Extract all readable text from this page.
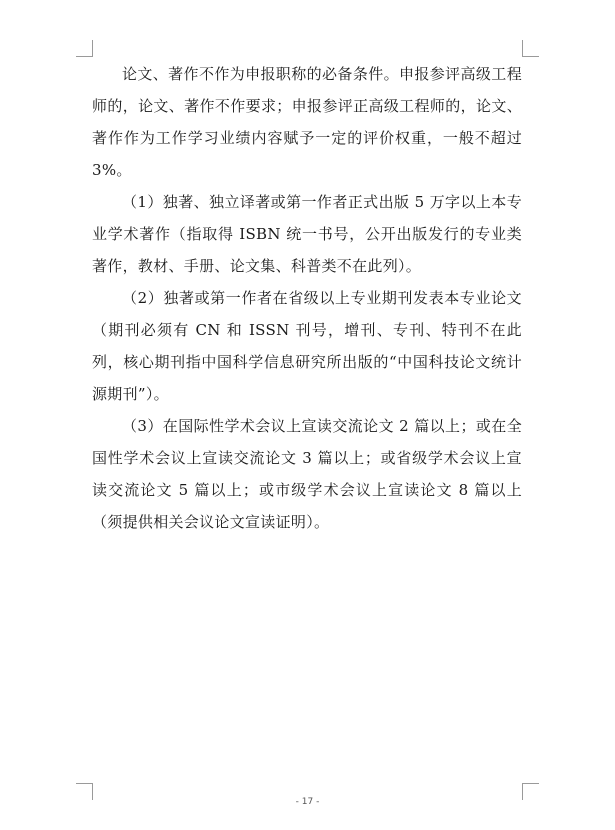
论文、著作不作为申报职称的必备条件。申报参评高级工程师的，论文、著作不作要求；申报参评正高级工程师的，论文、著作作为工作学习业绩内容赋予一定的评价权重，一般不超过3%。

（1）独著、独立译著或第一作者正式出版 5 万字以上本专业学术著作（指取得 ISBN 统一书号，公开出版发行的专业类著作，教材、手册、论文集、科普类不在此列）。

（2）独著或第一作者在省级以上专业期刊发表本专业论文（期刊必须有 CN 和 ISSN 刊号，增刊、专刊、特刊不在此列，核心期刊指中国科学信息研究所出版的“中国科技论文统计源期刊”）。

（3）在国际性学术会议上宣读交流论文 2 篇以上；或在全国性学术会议上宣读交流论文 3 篇以上；或省级学术会议上宣读交流论文 5 篇以上；或市级学术会议上宣读论文 8 篇以上（须提供相关会议论文宣读证明）。

- 17 -
